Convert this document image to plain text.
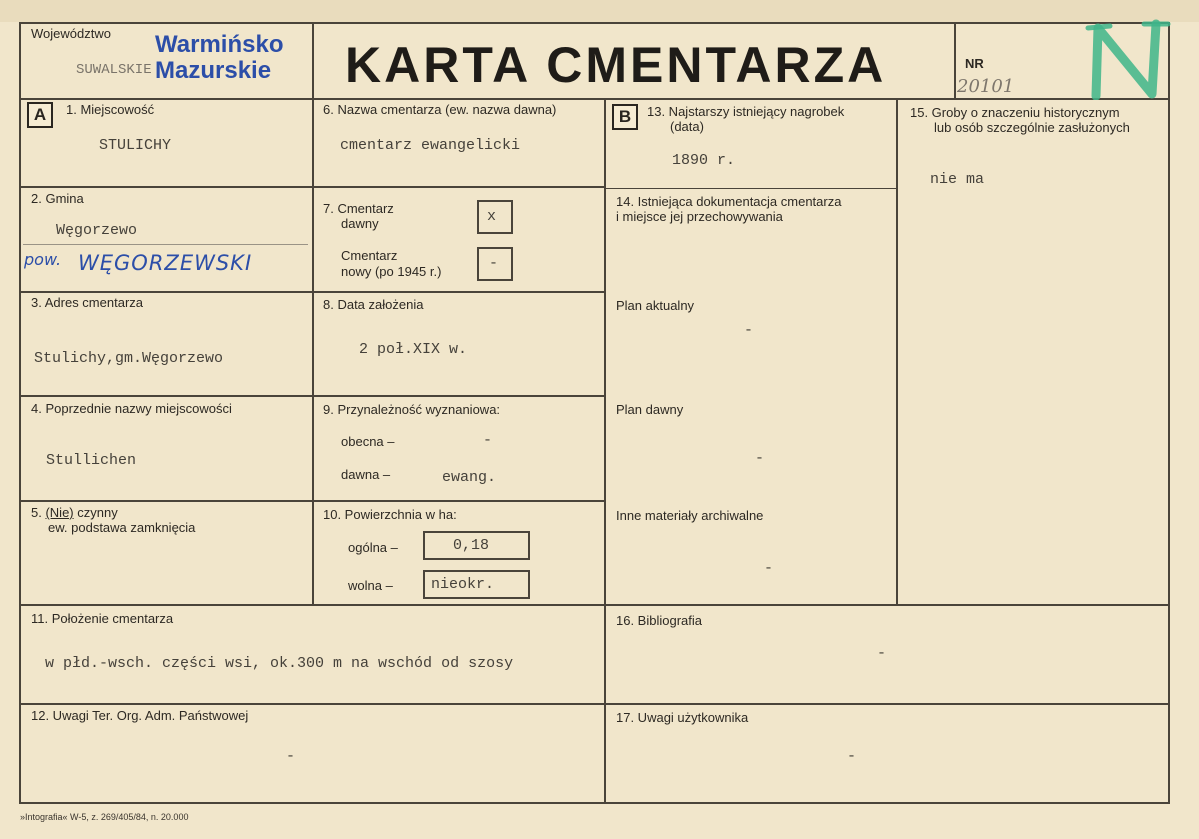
Województwo
SUWALSKIE
Warmińsko
Mazurskie KARTA CMENTARZA	NR
20101
A	1. Miejscowość
STULICHY
2. Gmina
Węgorzewo
pow. WĘGORZEWSKI
3. Adres cmentarza
Stulichy,gm.Węgorzewo
4. Poprzednie nazwy miejscowości
Stullichen
5. (Nie) czynny
ew. podstawa zamknięcia
6. Nazwa cmentarza (ew. nazwa dawna)
cmentarz ewangelicki
7. Cmentarz
dawny	x
Cmentarz
nowy (po 1945 r.)	-
8. Data założenia
2 poł.XIX w.
9. Przynależność wyznaniowa:
obecna –	-
dawna –	ewang.
10. Powierzchnia w ha:
ogólna –	0,18
wolna –	nieokr.
11. Położenie cmentarza
w płd.-wsch. części wsi, ok.300 m na wschód od szosy
12. Uwagi Ter. Org. Adm. Państwowej
-
B	13. Najstarszy istniejący nagrobek
(data)
1890 r.
14. Istniejąca dokumentacja cmentarza
i miejsce jej przechowywania
Plan aktualny
-
Plan dawny
-
Inne materiały archiwalne
-
15. Groby o znaczeniu historycznym
lub osób szczególnie zasłużonych
nie ma
16. Bibliografia
-
17. Uwagi użytkownika
-
»Intografia« W-5, z. 269/405/84, n. 20.000
